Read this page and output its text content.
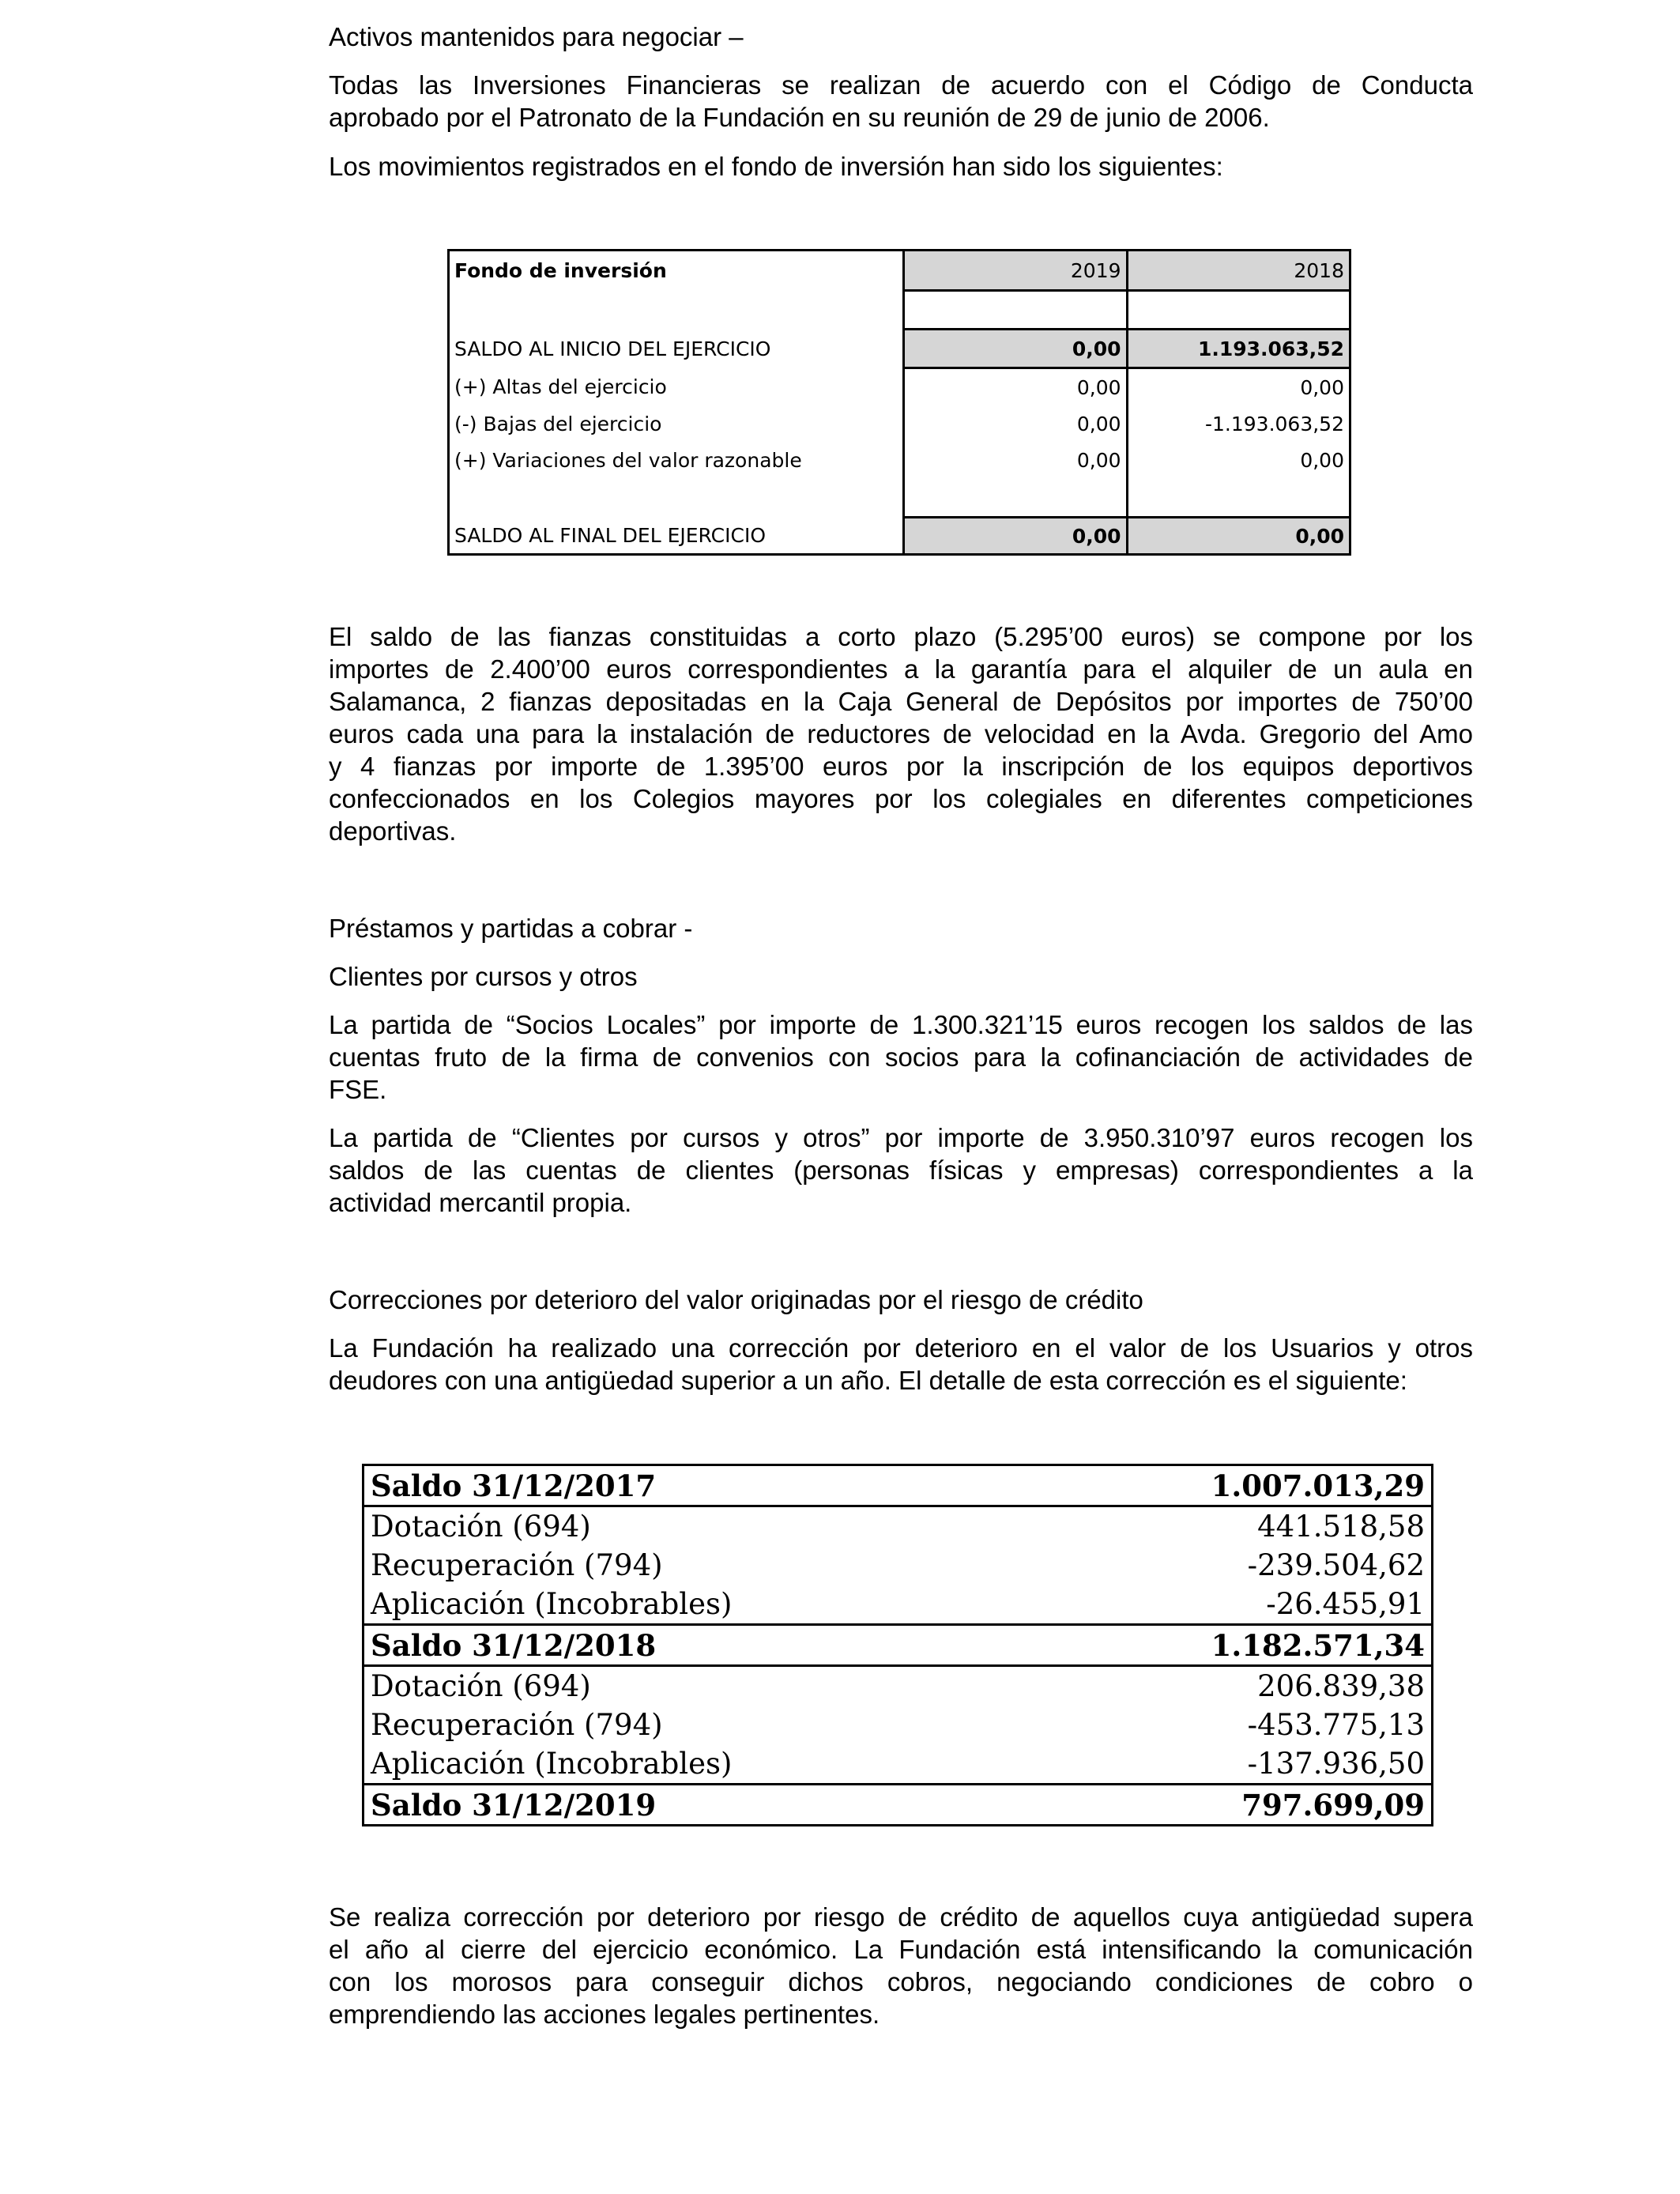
Activos mantenidos para negociar –

Todas las Inversiones Financieras se realizan de acuerdo con el Código de Conducta
aprobado por el Patronato de la Fundación en su reunión de 29 de junio de 2006.

Los movimientos registrados en el fondo de inversión han sido los siguientes:

Fondo de inversión	2019	2018

SALDO AL INICIO DEL EJERCICIO	0,00	1.193.063,52
(+) Altas del ejercicio	0,00	0,00
(-) Bajas del ejercicio	0,00	-1.193.063,52
(+) Variaciones del valor razonable	0,00	0,00

SALDO AL FINAL DEL EJERCICIO	0,00	0,00
El saldo de las fianzas constituidas a corto plazo (5.295’00 euros) se compone por los
importes de 2.400’00 euros correspondientes a la garantía para el alquiler de un aula en
Salamanca, 2 fianzas depositadas en la Caja General de Depósitos por importes de 750’00
euros cada una para la instalación de reductores de velocidad en la Avda. Gregorio del Amo
y 4 fianzas por importe de 1.395’00 euros por la inscripción de los equipos deportivos
confeccionados en los Colegios mayores por los colegiales en diferentes competiciones
deportivas.

Préstamos y partidas a cobrar -

Clientes por cursos y otros

La partida de “Socios Locales” por importe de 1.300.321’15 euros recogen los saldos de las
cuentas fruto de la firma de convenios con socios para la cofinanciación de actividades de
FSE.
La partida de “Clientes por cursos y otros” por importe de 3.950.310’97 euros recogen los
saldos de las cuentas de clientes (personas físicas y empresas) correspondientes a la
actividad mercantil propia.

Correcciones por deterioro del valor originadas por el riesgo de crédito

La Fundación ha realizado una corrección por deterioro en el valor de los Usuarios y otros
deudores con una antigüedad superior a un año. El detalle de esta corrección es el siguiente:
Saldo 31/12/2017	1.007.013,29
Dotación (694)	441.518,58
Recuperación (794)	-239.504,62
Aplicación (Incobrables)	-26.455,91
Saldo 31/12/2018	1.182.571,34
Dotación (694)	206.839,38
Recuperación (794)	-453.775,13
Aplicación (Incobrables)	-137.936,50
Saldo 31/12/2019	797.699,09
Se realiza corrección por deterioro por riesgo de crédito de aquellos cuya antigüedad supera
el año al cierre del ejercicio económico. La Fundación está intensificando la comunicación
con los morosos para conseguir dichos cobros, negociando condiciones de cobro o
emprendiendo las acciones legales pertinentes.
